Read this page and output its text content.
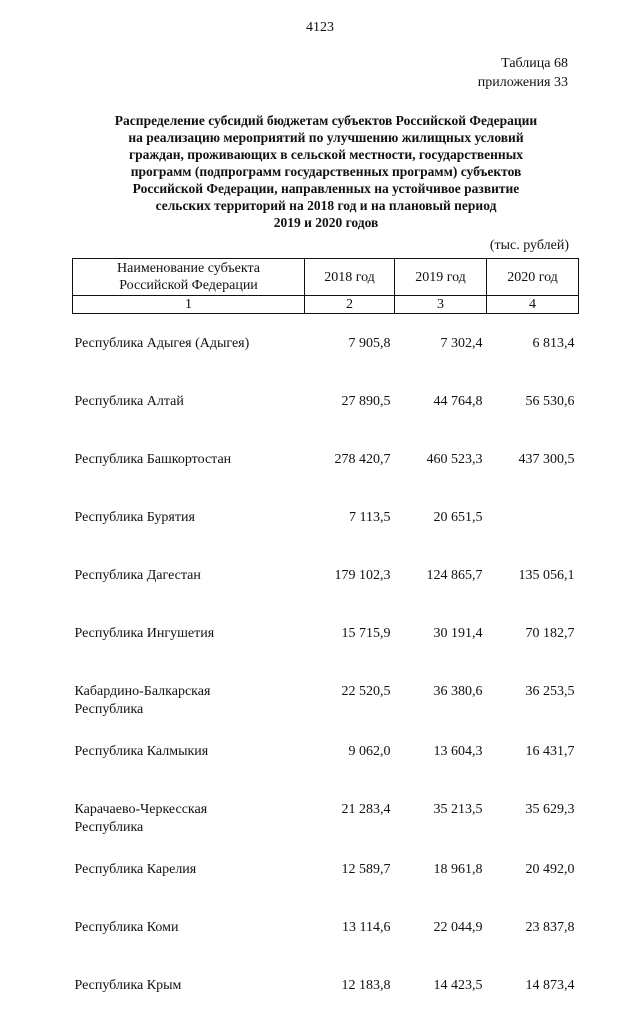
4123
Таблица 68
приложения 33
Распределение субсидий бюджетам субъектов Российской Федерации
на реализацию мероприятий по улучшению жилищных условий
граждан, проживающих в сельской местности, государственных
программ (подпрограмм государственных программ) субъектов
Российской Федерации, направленных на устойчивое развитие
сельских территорий на 2018 год и на плановый период
2019 и 2020 годов
(тыс. рублей)
Наименование субъекта
Российской Федерации	2018 год	2019 год	2020 год
1	2	3	4

Республика Адыгея (Адыгея)	7 905,8	7 302,4	6 813,4

Республика Алтай	27 890,5	44 764,8	56 530,6

Республика Башкортостан	278 420,7	460 523,3	437 300,5

Республика Бурятия	7 113,5	20 651,5	

Республика Дагестан	179 102,3	124 865,7	135 056,1

Республика Ингушетия	15 715,9	30 191,4	70 182,7

Кабардино-Балкарская
Республика	22 520,5	36 380,6	36 253,5

Республика Калмыкия	9 062,0	13 604,3	16 431,7

Карачаево-Черкесская
Республика	21 283,4	35 213,5	35 629,3

Республика Карелия	12 589,7	18 961,8	20 492,0

Республика Коми	13 114,6	22 044,9	23 837,8

Республика Крым	12 183,8	14 423,5	14 873,4
